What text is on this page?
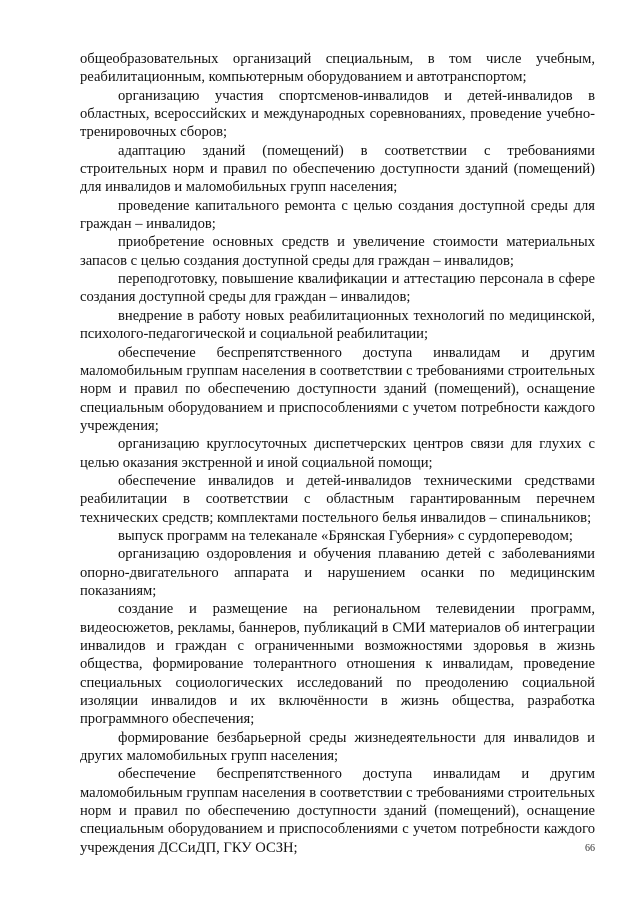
общеобразовательных организаций специальным, в том числе учебным, реабилитационным, компьютерным оборудованием и автотранспортом;

организацию участия спортсменов-инвалидов и детей-инвалидов в областных, всероссийских и международных соревнованиях, проведение учебно-тренировочных сборов;

адаптацию зданий (помещений) в соответствии с требованиями строительных норм и правил по обеспечению доступности зданий (помещений) для инвалидов и маломобильных групп населения;

проведение капитального ремонта с целью создания доступной среды для граждан – инвалидов;

приобретение основных средств и увеличение стоимости материальных запасов с целью создания доступной среды для граждан – инвалидов;

переподготовку, повышение квалификации и аттестацию персонала в сфере создания доступной среды для граждан – инвалидов;

внедрение в работу новых реабилитационных технологий по медицинской, психолого-педагогической и социальной реабилитации;

обеспечение беспрепятственного доступа инвалидам и другим маломобильным группам населения в соответствии с требованиями строительных норм и правил по обеспечению доступности зданий (помещений), оснащение специальным оборудованием и приспособлениями с учетом потребности каждого учреждения;

организацию круглосуточных диспетчерских центров связи для глухих с целью оказания экстренной и иной социальной помощи;

обеспечение инвалидов и детей-инвалидов техническими средствами реабилитации в соответствии с областным гарантированным перечнем технических средств; комплектами постельного белья инвалидов – спинальников;

выпуск программ на телеканале «Брянская Губерния» с сурдопереводом;

организацию оздоровления и обучения плаванию детей с заболеваниями опорно-двигательного аппарата и нарушением осанки по медицинским показаниям;

создание и размещение на региональном телевидении программ, видеосюжетов, рекламы, баннеров, публикаций в СМИ материалов об интеграции инвалидов и граждан с ограниченными возможностями здоровья в жизнь общества, формирование толерантного отношения к инвалидам, проведение специальных социологических исследований по преодолению социальной изоляции инвалидов и их включённости в жизнь общества, разработка программного обеспечения;

формирование безбарьерной среды жизнедеятельности для инвалидов и других маломобильных групп населения;

обеспечение беспрепятственного доступа инвалидам и другим маломобильным группам населения в соответствии с требованиями строительных норм и правил по обеспечению доступности зданий (помещений), оснащение специальным оборудованием и приспособлениями с учетом потребности каждого учреждения ДССиДП, ГКУ ОСЗН;	66
